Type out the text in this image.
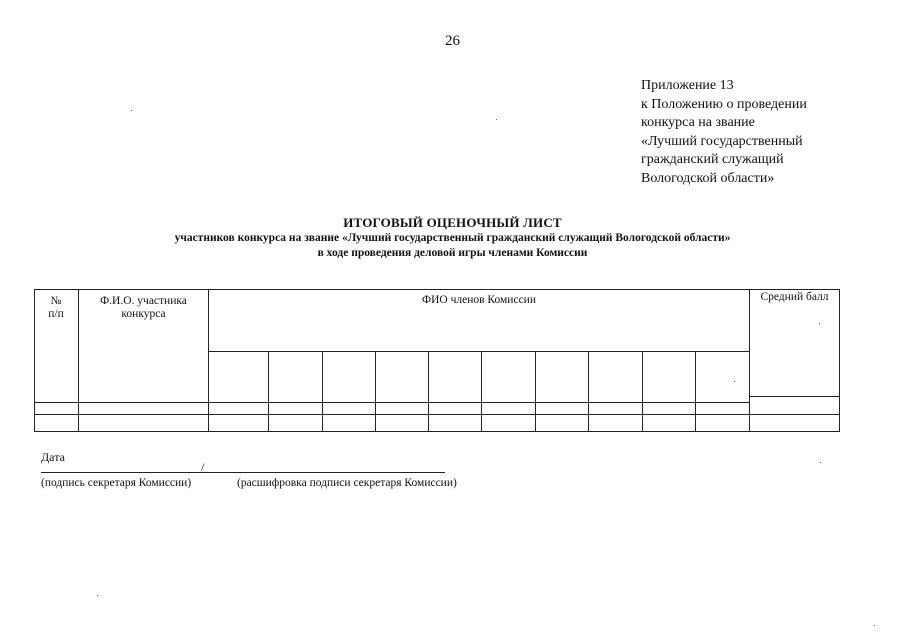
26
Приложение 13
к Положению о проведении
конкурса на звание
«Лучший государственный
гражданский служащий
Вологодской области»
ИТОГОВЫЙ ОЦЕНОЧНЫЙ ЛИСТ
участников конкурса на звание «Лучший государственный гражданский служащий Вологодской области»
в ходе проведения деловой игры членами Комиссии
№
п/п
Ф.И.О. участника
конкурса
ФИО членов Комиссии	Средний балл
Дата
/
(подпись секретаря Комиссии)	(расшифровка подписи секретаря Комиссии)
